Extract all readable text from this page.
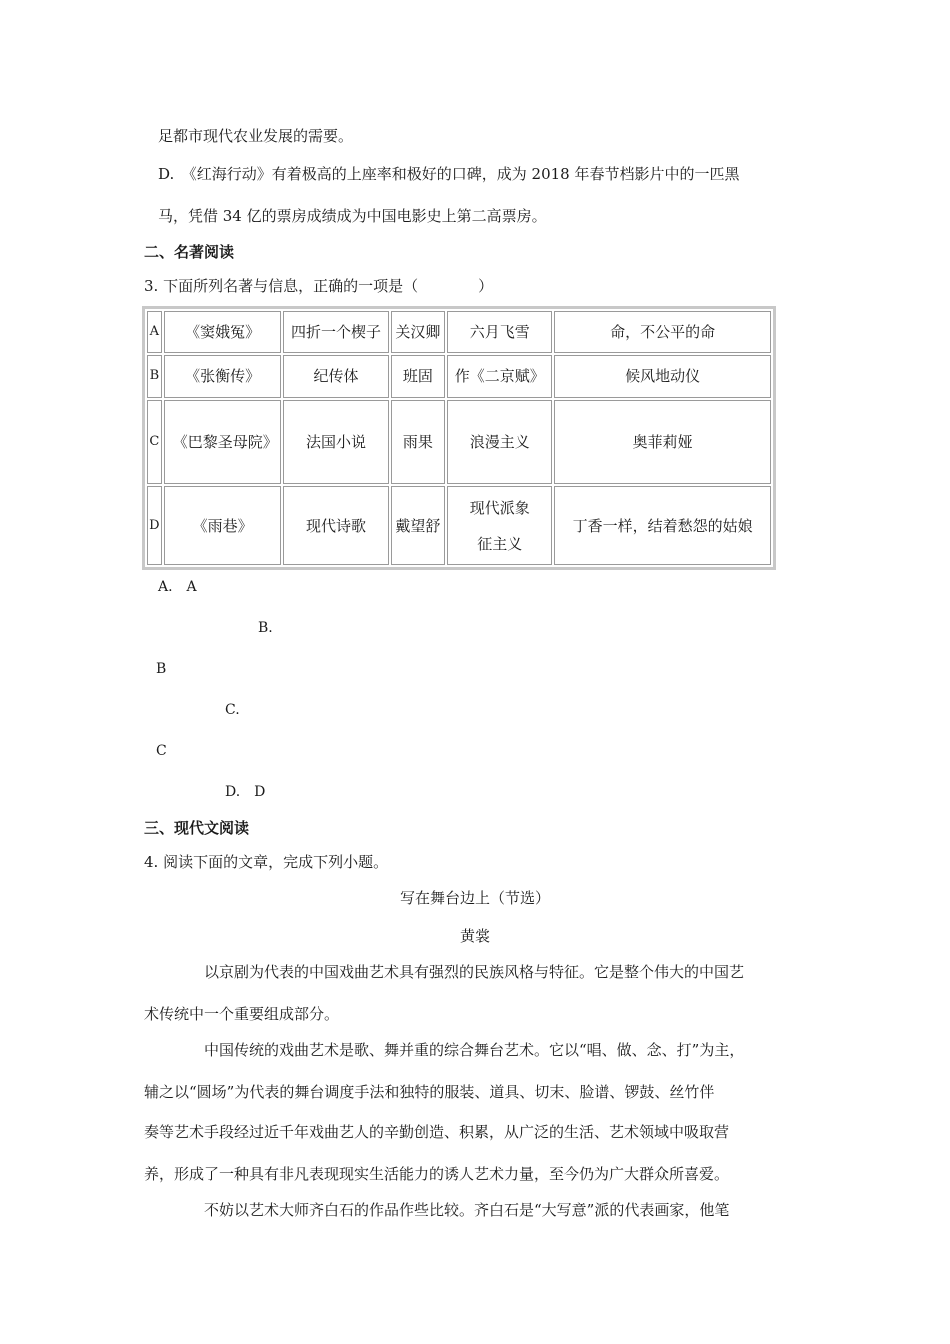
足都市现代农业发展的需要。
D.　《红海行动》有着极高的上座率和极好的口碑，成为 2018 年春节档影片中的一匹黑
马，凭借 34 亿的票房成绩成为中国电影史上第二高票房。
二、名著阅读
3. 下面所列名著与信息，正确的一项是（　　　　）
A	《窦娥冤》	四折一个楔子	关汉卿	六月飞雪	命，不公平的命
B	《张衡传》	纪传体	班固	作《二京赋》	候风地动仪
C	《巴黎圣母院》	法国小说	雨果	浪漫主义	奥菲莉娅
D	《雨巷》	现代诗歌	戴望舒	现代派象征主义	丁香一样，结着愁怨的姑娘
A.　A
B.
B
C.
C
D.　D
三、现代文阅读
4. 阅读下面的文章，完成下列小题。
写在舞台边上（节选）
黄裳
以京剧为代表的中国戏曲艺术具有强烈的民族风格与特征。它是整个伟大的中国艺
术传统中一个重要组成部分。
中国传统的戏曲艺术是歌、舞并重的综合舞台艺术。它以“唱、做、念、打”为主，
辅之以“圆场”为代表的舞台调度手法和独特的服装、道具、切末、脸谱、锣鼓、丝竹伴
奏等艺术手段经过近千年戏曲艺人的辛勤创造、积累，从广泛的生活、艺术领域中吸取营
养，形成了一种具有非凡表现现实生活能力的诱人艺术力量，至今仍为广大群众所喜爱。
不妨以艺术大师齐白石的作品作些比较。齐白石是“大写意”派的代表画家，他笔
